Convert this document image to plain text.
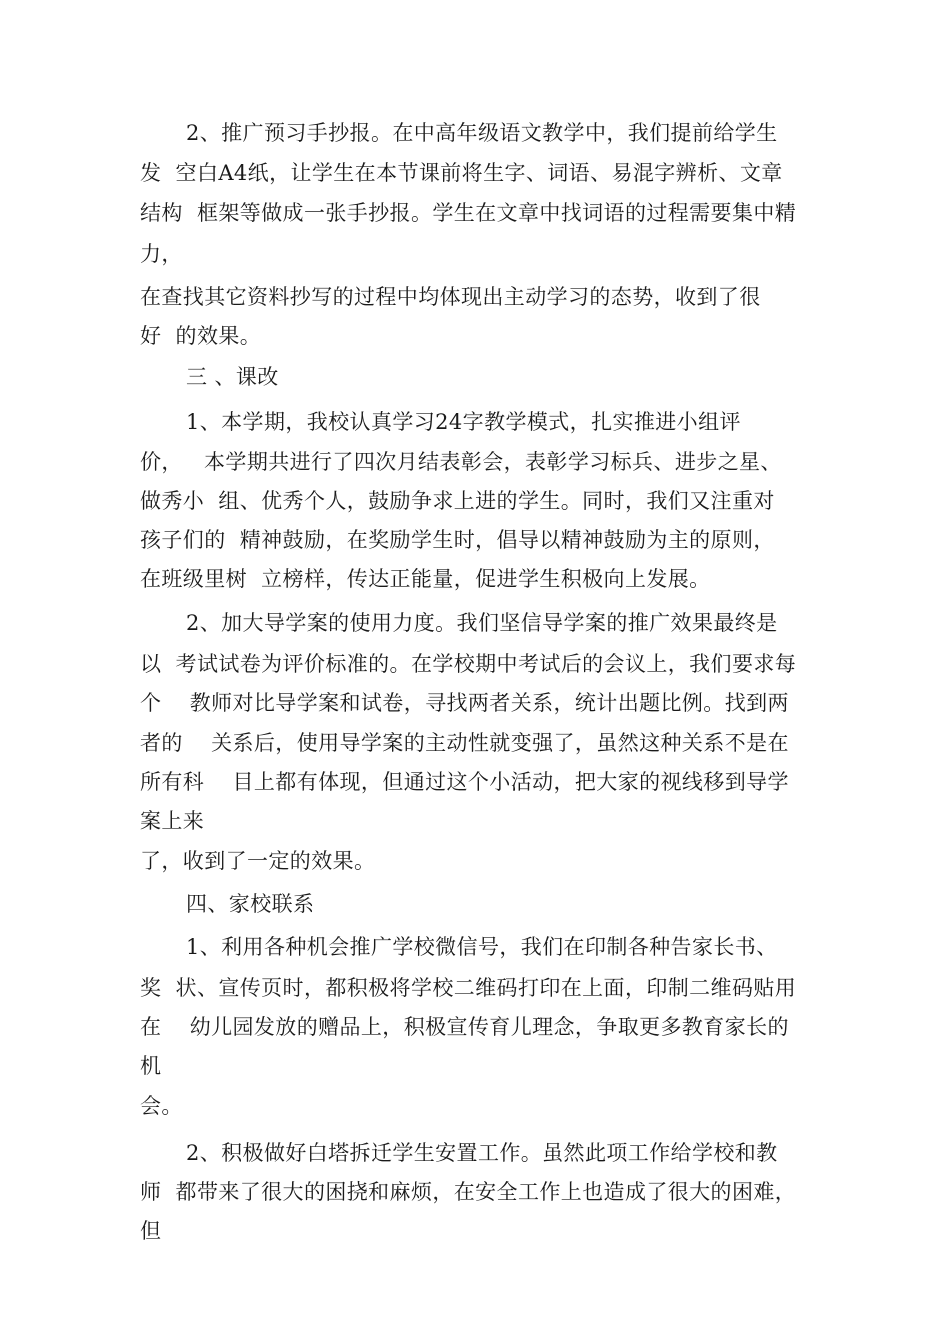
2、推广预习手抄报。在中高年级语文教学中，我们提前给学生

发  空白A4纸，让学生在本节课前将生字、词语、易混字辨析、文章

结构  框架等做成一张手抄报。学生在文章中找词语的过程需要集中精

力，

在查找其它资料抄写的过程中均体现出主动学习的态势，收到了很

好  的效果。

三 、课改

1、本学期，我校认真学习24字教学模式，扎实推进小组评

价，   本学期共进行了四次月结表彰会，表彰学习标兵、进步之星、

做秀小  组、优秀个人，鼓励争求上进的学生。同时，我们又注重对

孩子们的  精神鼓励，在奖励学生时，倡导以精神鼓励为主的原则，

在班级里树  立榜样，传达正能量，促进学生积极向上发展。

2、加大导学案的使用力度。我们坚信导学案的推广效果最终是

以  考试试卷为评价标准的。在学校期中考试后的会议上，我们要求每

个    教师对比导学案和试卷，寻找两者关系，统计出题比例。找到两

者的    关系后，使用导学案的主动性就变强了，虽然这种关系不是在

所有科    目上都有体现，但通过这个小活动，把大家的视线移到导学

案上来

了，收到了一定的效果。

四、家校联系

1、利用各种机会推广学校微信号，我们在印制各种告家长书、

奖  状、宣传页时，都积极将学校二维码打印在上面，印制二维码贴用

在    幼儿园发放的赠品上，积极宣传育儿理念，争取更多教育家长的

机

会。

2、积极做好白塔拆迁学生安置工作。虽然此项工作给学校和教

师  都带来了很大的困挠和麻烦，在安全工作上也造成了很大的困难，

但
